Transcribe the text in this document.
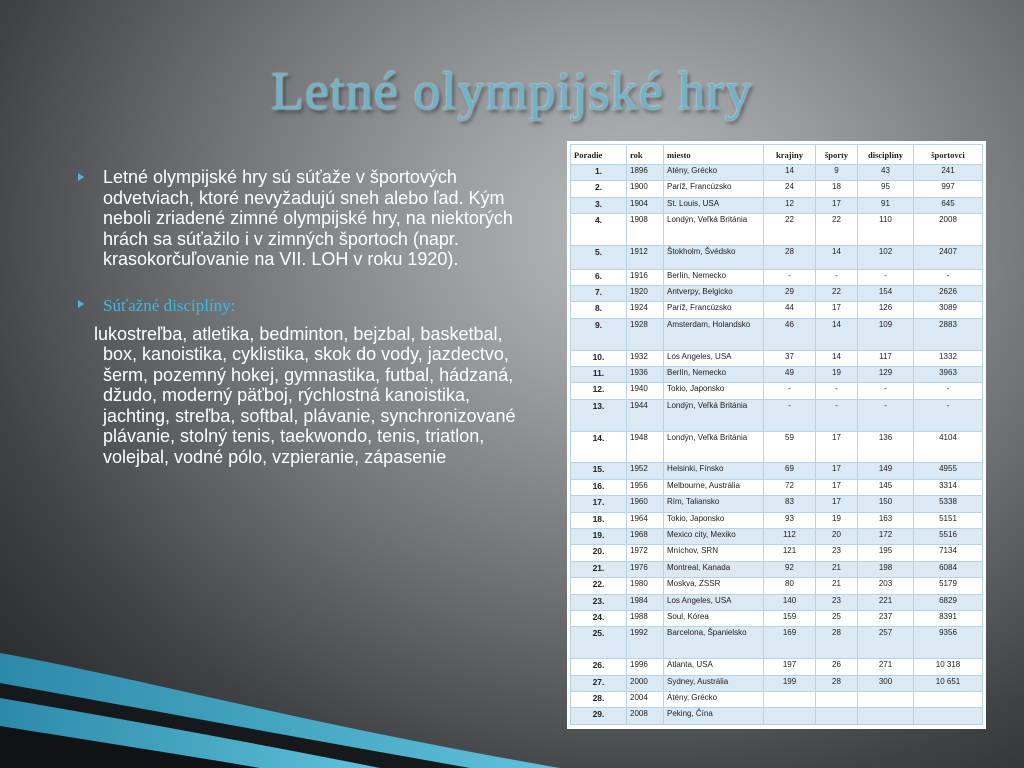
Letné olympijské hry
Letné olympijské hry sú súťaže v športových odvetviach, ktoré nevyžadujú sneh alebo ľad. Kým neboli zriadené zimné olympijské hry, na niektorých hrách sa súťažilo i v zimných športoch (napr. krasokorčuľovanie na VII. LOH v roku 1920).
Súťažné disciplíny:
lukostreľba, atletika, bedminton, bejzbal, basketbal, box, kanoistika, cyklistika, skok do vody, jazdectvo, šerm, pozemný hokej, gymnastika, futbal, hádzaná, džudo, moderný päťboj, rýchlostná kanoistika, jachting, streľba, softbal, plávanie, synchronizované plávanie, stolný tenis, taekwondo, tenis, triatlon, volejbal, vodné pólo, vzpieranie, zápasenie
Poradie	rok	miesto	krajiny	športy	disciplíny	športovci
1.	1896	Atény, Grécko	14	9	43	241
2.	1900	Paríž, Francúzsko	24	18	95	997
3.	1904	St. Louis, USA	12	17	91	645
4.	1908	Londýn, Veľká Británia	22	22	110	2008
5.	1912	Štokholm, Švédsko	28	14	102	2407
6.	1916	Berlín, Nemecko	-	-	-	-
7.	1920	Antverpy, Belgicko	29	22	154	2626
8.	1924	Paríž, Francúzsko	44	17	126	3089
9.	1928	Amsterdam, Holandsko	46	14	109	2883
10.	1932	Los Angeles, USA	37	14	117	1332
11.	1936	Berlín, Nemecko	49	19	129	3963
12.	1940	Tokio, Japonsko	-	-	-	-
13.	1944	Londýn, Veľká Británia	-	-	-	-
14.	1948	Londýn, Veľká Británia	59	17	136	4104
15.	1952	Helsinki, Fínsko	69	17	149	4955
16.	1956	Melbourne, Austrália	72	17	145	3314
17.	1960	Rím, Taliansko	83	17	150	5338
18.	1964	Tokio, Japonsko	93	19	163	5151
19.	1968	Mexico city, Mexiko	112	20	172	5516
20.	1972	Mníchov, SRN	121	23	195	7134
21.	1976	Montreal, Kanada	92	21	198	6084
22.	1980	Moskva, ZSSR	80	21	203	5179
23.	1984	Los Angeles, USA	140	23	221	6829
24.	1988	Soul, Kórea	159	25	237	8391
25.	1992	Barcelona, Španielsko	169	28	257	9356
26.	1996	Atlanta, USA	197	26	271	10 318
27.	2000	Sydney, Austrália	199	28	300	10 651
28.	2004	Atény, Grécko				
29.	2008	Peking, Čína				
